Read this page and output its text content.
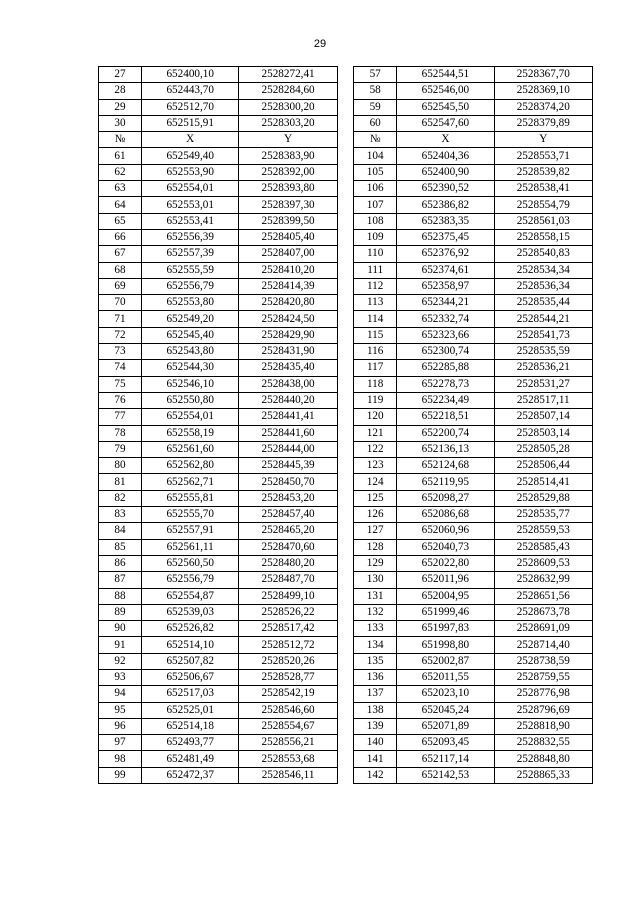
29
27	652400,10	2528272,41		57	652544,51	2528367,70
28	652443,70	2528284,60		58	652546,00	2528369,10
29	652512,70	2528300,20		59	652545,50	2528374,20
30	652515,91	2528303,20		60	652547,60	2528379,89
№	X	Y		№	X	Y
61	652549,40	2528383,90		104	652404,36	2528553,71
62	652553,90	2528392,00		105	652400,90	2528539,82
63	652554,01	2528393,80		106	652390,52	2528538,41
64	652553,01	2528397,30		107	652386,82	2528554,79
65	652553,41	2528399,50		108	652383,35	2528561,03
66	652556,39	2528405,40		109	652375,45	2528558,15
67	652557,39	2528407,00		110	652376,92	2528540,83
68	652555,59	2528410,20		111	652374,61	2528534,34
69	652556,79	2528414,39		112	652358,97	2528536,34
70	652553,80	2528420,80		113	652344,21	2528535,44
71	652549,20	2528424,50		114	652332,74	2528544,21
72	652545,40	2528429,90		115	652323,66	2528541,73
73	652543,80	2528431,90		116	652300,74	2528535,59
74	652544,30	2528435,40		117	652285,88	2528536,21
75	652546,10	2528438,00		118	652278,73	2528531,27
76	652550,80	2528440,20		119	652234,49	2528517,11
77	652554,01	2528441,41		120	652218,51	2528507,14
78	652558,19	2528441,60		121	652200,74	2528503,14
79	652561,60	2528444,00		122	652136,13	2528505,28
80	652562,80	2528445,39		123	652124,68	2528506,44
81	652562,71	2528450,70		124	652119,95	2528514,41
82	652555,81	2528453,20		125	652098,27	2528529,88
83	652555,70	2528457,40		126	652086,68	2528535,77
84	652557,91	2528465,20		127	652060,96	2528559,53
85	652561,11	2528470,60		128	652040,73	2528585,43
86	652560,50	2528480,20		129	652022,80	2528609,53
87	652556,79	2528487,70		130	652011,96	2528632,99
88	652554,87	2528499,10		131	652004,95	2528651,56
89	652539,03	2528526,22		132	651999,46	2528673,78
90	652526,82	2528517,42		133	651997,83	2528691,09
91	652514,10	2528512,72		134	651998,80	2528714,40
92	652507,82	2528520,26		135	652002,87	2528738,59
93	652506,67	2528528,77		136	652011,55	2528759,55
94	652517,03	2528542,19		137	652023,10	2528776,98
95	652525,01	2528546,60		138	652045,24	2528796,69
96	652514,18	2528554,67		139	652071,89	2528818,90
97	652493,77	2528556,21		140	652093,45	2528832,55
98	652481,49	2528553,68		141	652117,14	2528848,80
99	652472,37	2528546,11		142	652142,53	2528865,33
